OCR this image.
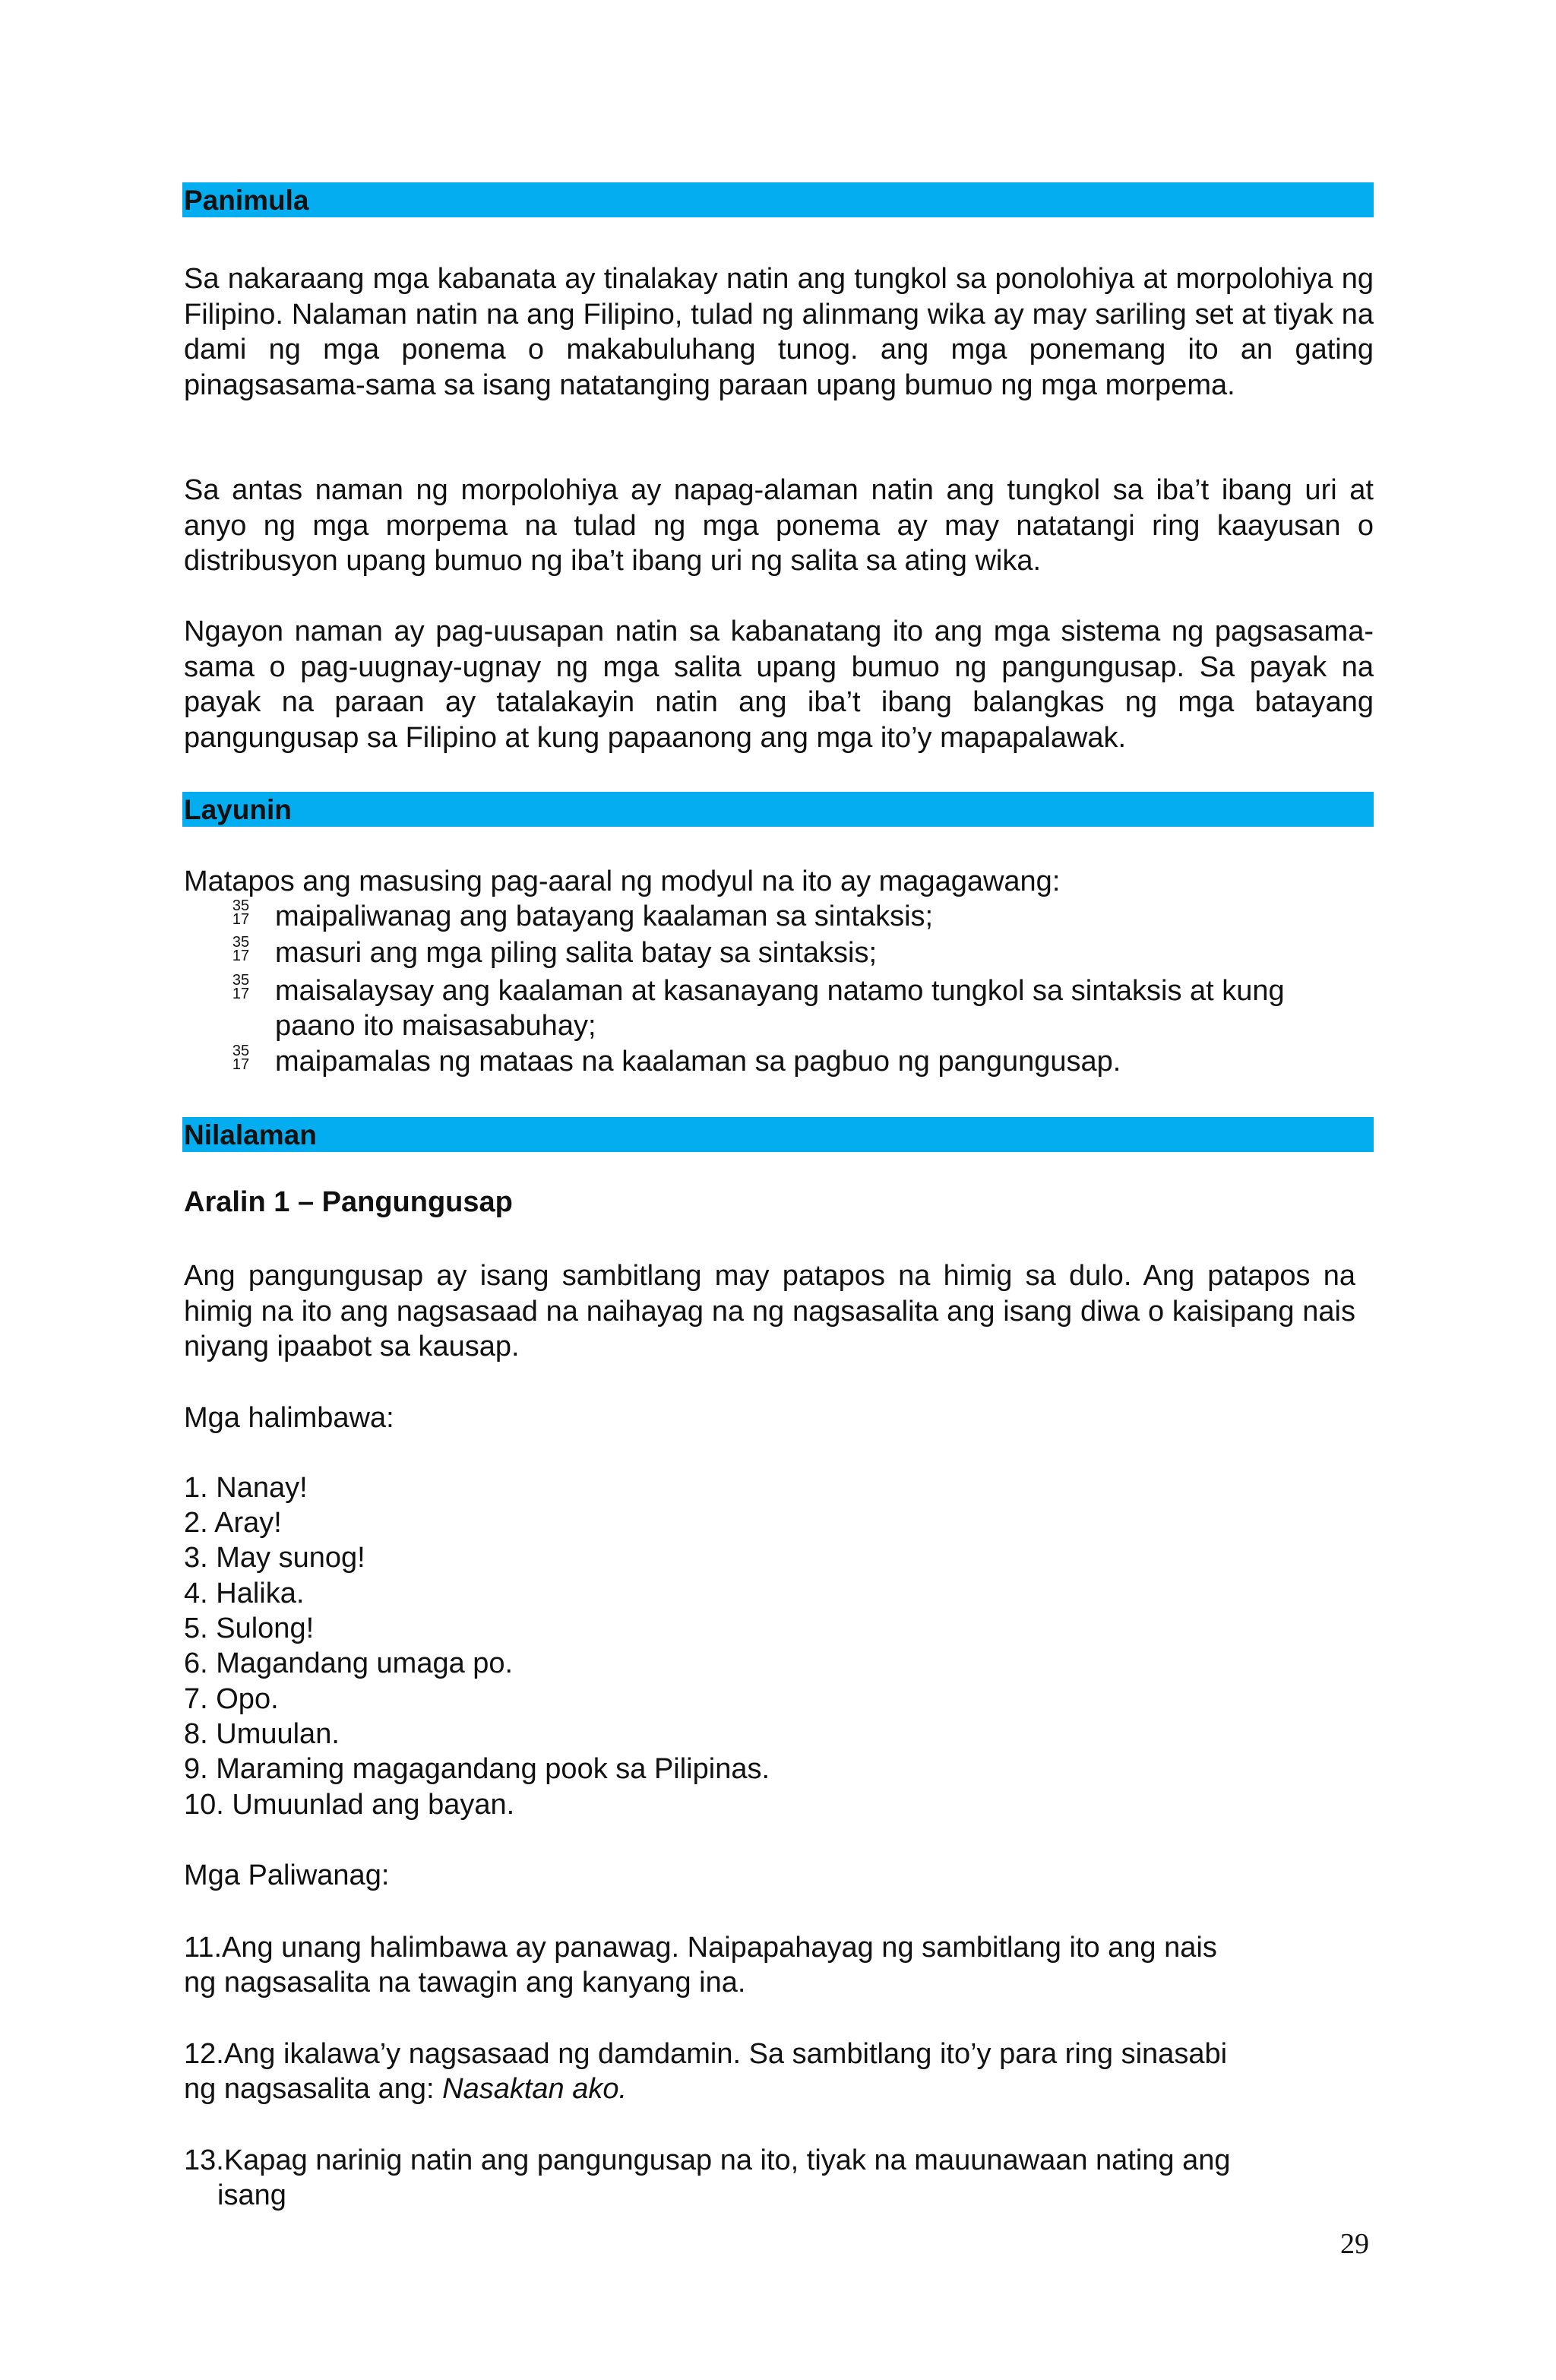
Panimula

Sa nakaraang mga kabanata ay tinalakay natin ang tungkol sa ponolohiya at morpolohiya ng Filipino. Nalaman natin na ang Filipino, tulad ng alinmang wika ay may sariling set at tiyak na dami ng mga ponema o makabuluhang tunog. ang mga ponemang ito an gating pinagsasama-sama sa isang natatanging paraan upang bumuo ng mga morpema.

Sa antas naman ng morpolohiya ay napag-alaman natin ang tungkol sa iba’t ibang uri at anyo ng mga morpema na tulad ng mga ponema ay may natatangi ring kaayusan o distribusyon upang bumuo ng iba’t ibang uri ng salita sa ating wika.

Ngayon naman ay pag-uusapan natin sa kabanatang ito ang mga sistema ng pagsasama-sama o pag-uugnay-ugnay ng mga salita upang bumuo ng pangungusap. Sa payak na payak na paraan ay tatalakayin natin ang iba’t ibang balangkas ng mga batayang pangungusap sa Filipino at kung papaanong ang mga ito’y mapapalawak.

Layunin

Matapos ang masusing pag-aaral ng modyul na ito ay magagawang:

35
17 maipaliwanag ang batayang kaalaman sa sintaksis;

35
17 masuri ang mga piling salita batay sa sintaksis;

35
17 maisalaysay ang kaalaman at kasanayang natamo tungkol sa sintaksis at kung paano ito maisasabuhay;

35
17 maipamalas ng mataas na kaalaman sa pagbuo ng pangungusap.

Nilalaman

Aralin 1 – Pangungusap

Ang pangungusap ay isang sambitlang may patapos na himig sa dulo. Ang patapos na himig na ito ang nagsasaad na naihayag na ng nagsasalita ang isang diwa o kaisipang nais niyang ipaabot sa kausap.

Mga halimbawa:

1. Nanay!

2. Aray!

3. May sunog!

4. Halika.

5. Sulong!

6. Magandang umaga po.

7. Opo.

8. Umuulan.

9. Maraming magagandang pook sa Pilipinas.

10. Umuunlad ang bayan.

Mga Paliwanag:

11.Ang unang halimbawa ay panawag. Naipapahayag ng sambitlang ito ang nais

ng nagsasalita na tawagin ang kanyang ina.

12.Ang ikalawa’y nagsasaad ng damdamin. Sa sambitlang ito’y para ring sinasabi

ng nagsasalita ang: Nasaktan ako.

13.Kapag narinig natin ang pangungusap na ito, tiyak na mauunawaan nating ang

isang

29
